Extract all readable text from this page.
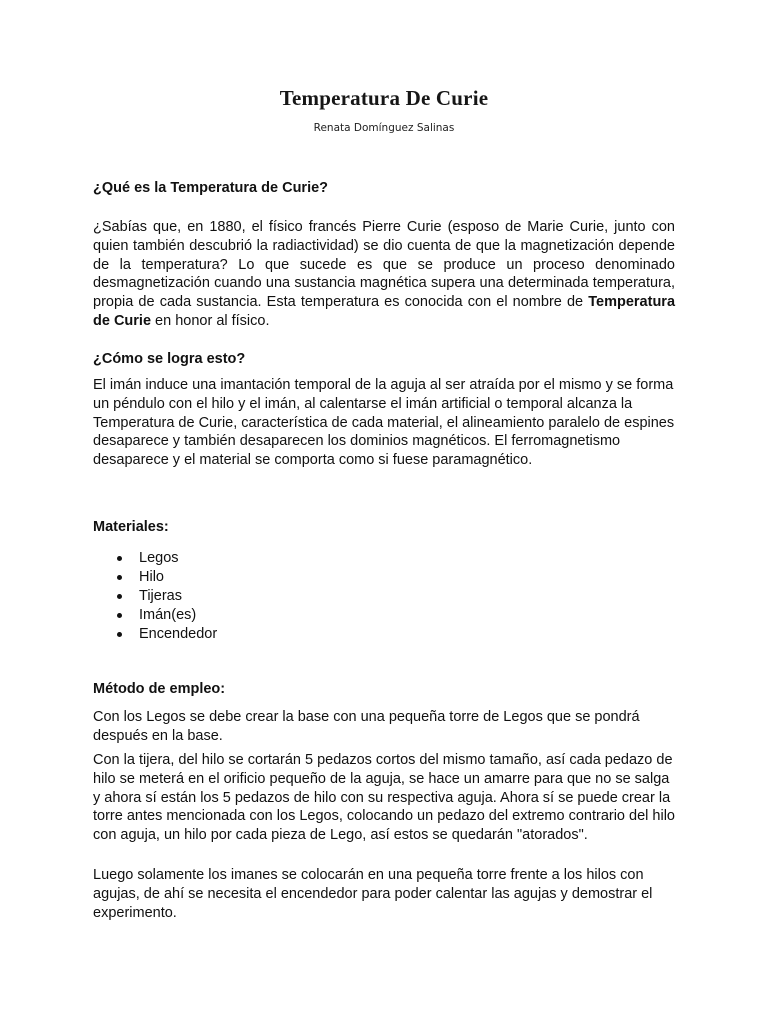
Temperatura De Curie
Renata Domínguez Salinas
¿Qué es la Temperatura de Curie?

¿Sabías que, en 1880, el físico francés Pierre Curie (esposo de Marie Curie, junto con quien también descubrió la radiactividad) se dio cuenta de que la magnetización depende de la temperatura? Lo que sucede es que se produce un proceso denominado desmagnetización cuando una sustancia magnética supera una determinada temperatura, propia de cada sustancia. Esta temperatura es conocida con el nombre de Temperatura de Curie en honor al físico.

¿Cómo se logra esto?

El imán induce una imantación temporal de la aguja al ser atraída por el mismo y se forma un péndulo con el hilo y el imán, al calentarse el imán artificial o temporal alcanza la Temperatura de Curie, característica de cada material, el alineamiento paralelo de espines desaparece y también desaparecen los dominios magnéticos. El ferromagnetismo desaparece y el material se comporta como si fuese paramagnético.

Materiales:
Legos
Hilo
Tijeras
Imán(es)
Encendedor
Método de empleo:

Con los Legos se debe crear la base con una pequeña torre de Legos que se pondrá después en la base.

Con la tijera, del hilo se cortarán 5 pedazos cortos del mismo tamaño, así cada pedazo de hilo se meterá en el orificio pequeño de la aguja, se hace un amarre para que no se salga y ahora sí están los 5 pedazos de hilo con su respectiva aguja. Ahora sí se puede crear la torre antes mencionada con los Legos, colocando un pedazo del extremo contrario del hilo con aguja, un hilo por cada pieza de Lego, así estos se quedarán "atorados".

Luego solamente los imanes se colocarán en una pequeña torre frente a los hilos con agujas, de ahí se necesita el encendedor para poder calentar las agujas y demostrar el experimento.
